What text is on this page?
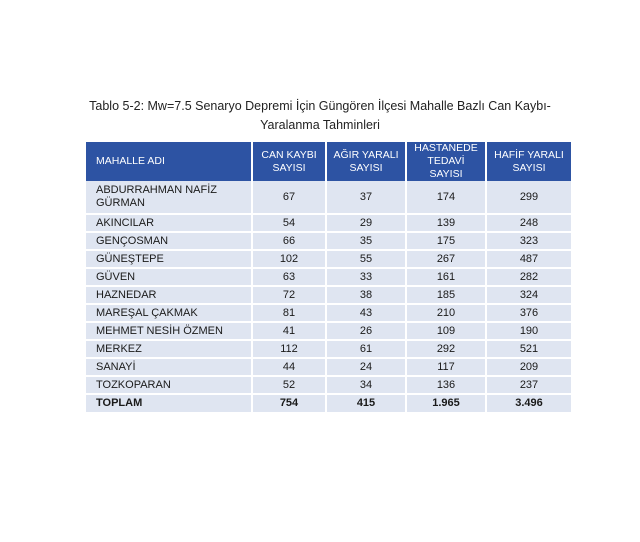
Tablo 5-2: Mw=7.5 Senaryo Depremi İçin Güngören İlçesi Mahalle Bazlı Can Kaybı-
Yaralanma Tahminleri
MAHALLE ADI	CAN KAYBI SAYISI	AĞIR YARALI SAYISI	HASTANEDE TEDAVİ SAYISI	HAFİF YARALI SAYISI
ABDURRAHMAN NAFİZ GÜRMAN	67	37	174	299
AKINCILAR	54	29	139	248
GENÇOSMAN	66	35	175	323
GÜNEŞTEPE	102	55	267	487
GÜVEN	63	33	161	282
HAZNEDAR	72	38	185	324
MAREŞAL ÇAKMAK	81	43	210	376
MEHMET NESİH ÖZMEN	41	26	109	190
MERKEZ	112	61	292	521
SANAYİ	44	24	117	209
TOZKOPARAN	52	34	136	237
TOPLAM	754	415	1.965	3.496
